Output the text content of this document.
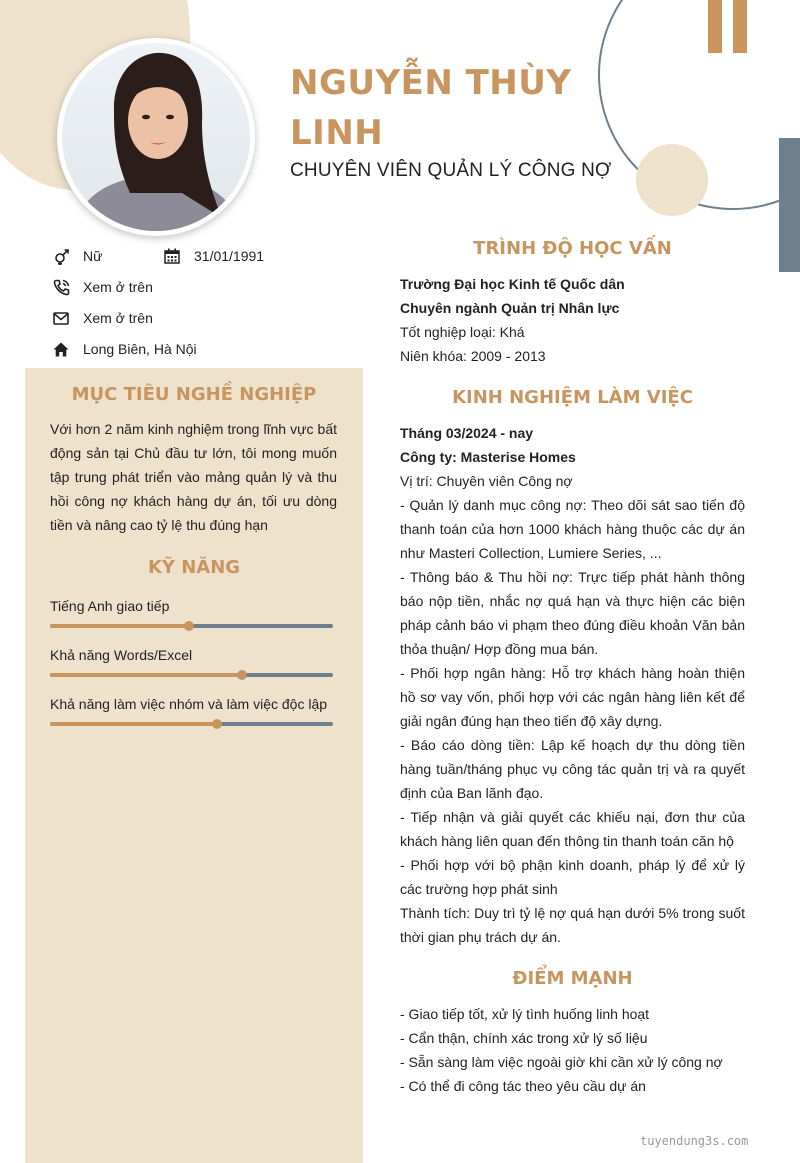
NGUYỄN THÙY
LINH
CHUYÊN VIÊN QUẢN LÝ CÔNG NỢ
Nữ	31/01/1991
Xem ở trên
Xem ở trên
Long Biên, Hà Nội
MỤC TIÊU NGHỀ NGHIỆP

Với hơn 2 năm kinh nghiệm trong lĩnh vực bất động sản tại Chủ đầu tư lớn, tôi mong muốn tập trung phát triển vào mảng quản lý và thu hồi công nợ khách hàng dự án, tối ưu dòng tiền và nâng cao tỷ lệ thu đúng hạn

KỸ NĂNG
Tiếng Anh giao tiếp
Khả năng Words/Excel
Khả năng làm việc nhóm và làm việc độc lập
TRÌNH ĐỘ HỌC VẤN
Trường Đại học Kinh tế Quốc dân
Chuyên ngành Quản trị Nhân lực
Tốt nghiệp loại: Khá
Niên khóa: 2009 - 2013
KINH NGHIỆM LÀM VIỆC
Tháng 03/2024 - nay
Công ty: Masterise Homes
Vị trí: Chuyên viên Công nợ

- Quản lý danh mục công nợ: Theo dõi sát sao tiến độ thanh toán của hơn 1000 khách hàng thuộc các dự án như Masteri Collection, Lumiere Series, ...

- Thông báo & Thu hồi nợ: Trực tiếp phát hành thông báo nộp tiền, nhắc nợ quá hạn và thực hiện các biện pháp cảnh báo vi phạm theo đúng điều khoản Văn bản thỏa thuận/ Hợp đồng mua bán.

- Phối hợp ngân hàng: Hỗ trợ khách hàng hoàn thiện hồ sơ vay vốn, phối hợp với các ngân hàng liên kết để giải ngân đúng hạn theo tiến độ xây dựng.

- Báo cáo dòng tiền: Lập kế hoạch dự thu dòng tiền hàng tuần/tháng phục vụ công tác quản trị và ra quyết định của Ban lãnh đạo.

- Tiếp nhận và giải quyết các khiếu nại, đơn thư của khách hàng liên quan đến thông tin thanh toán căn hộ

- Phối hợp với bộ phận kinh doanh, pháp lý để xử lý các trường hợp phát sinh

Thành tích: Duy trì tỷ lệ nợ quá hạn dưới 5% trong suốt thời gian phụ trách dự án.

ĐIỂM MẠNH
- Giao tiếp tốt, xử lý tình huống linh hoạt
- Cẩn thận, chính xác trong xử lý số liệu
- Sẵn sàng làm việc ngoài giờ khi cần xử lý công nợ
- Có thể đi công tác theo yêu cầu dự án
tuyendung3s.com
